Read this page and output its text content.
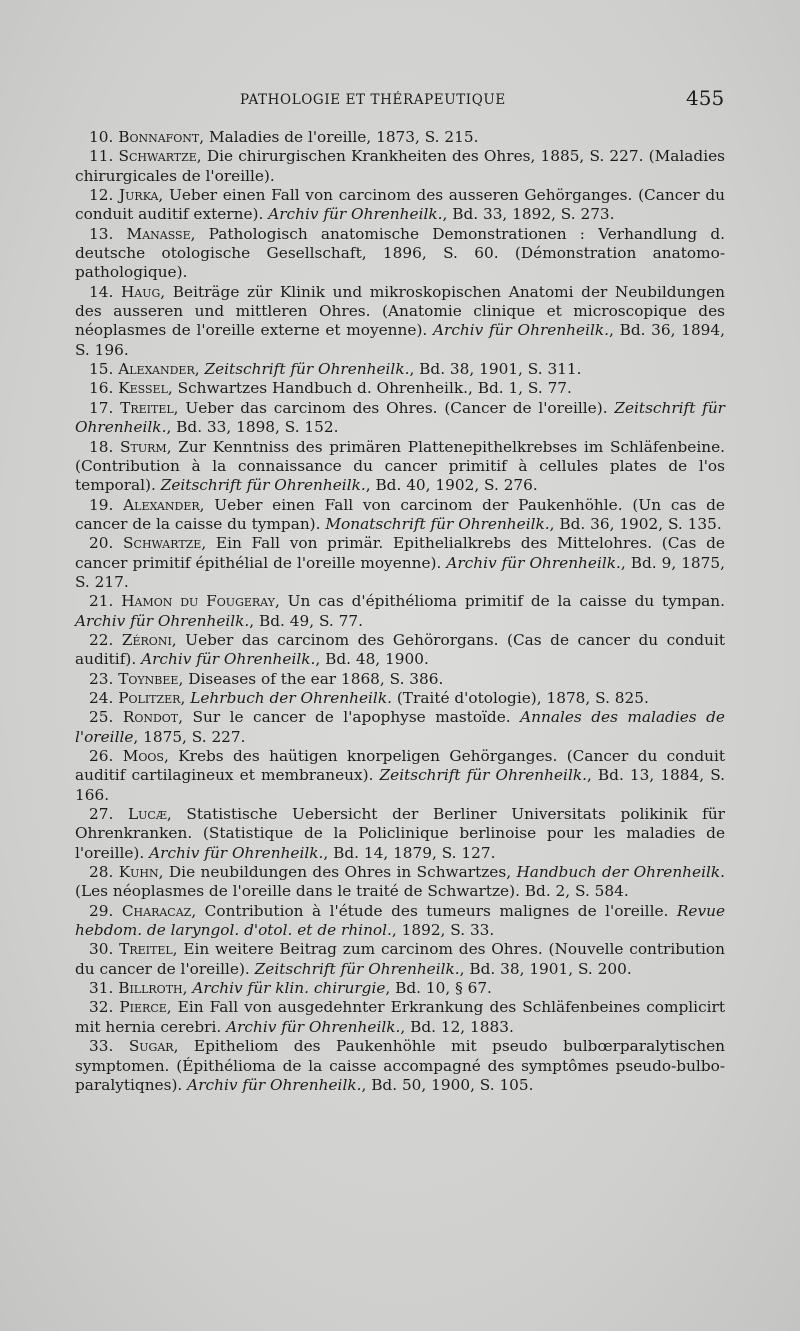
PATHOLOGIE ET THÉRAPEUTIQUE	455

10. Bonnafont, Maladies de l'oreille, 1873, S. 215.

11. Schwartze, Die chirurgischen Krankheiten des Ohres, 1885, S. 227. (Maladies chirurgicales de l'oreille).

12. Jurka, Ueber einen Fall von carcinom des ausseren Gehörganges. (Cancer du conduit auditif externe). Archiv für Ohrenheilk., Bd. 33, 1892, S. 273.

13. Manasse, Pathologisch anatomische Demonstrationen : Verhandlung d. deutsche otologische Gesellschaft, 1896, S. 60. (Démonstration anatomo-pathologique).

14. Haug, Beiträge zür Klinik und mikroskopischen Anatomi der Neubildungen des ausseren und mittleren Ohres. (Anatomie clinique et microscopique des néoplasmes de l'oreille externe et moyenne). Archiv für Ohrenheilk., Bd. 36, 1894, S. 196.

15. Alexander, Zeitschrift für Ohrenheilk., Bd. 38, 1901, S. 311.

16. Kessel, Schwartzes Handbuch d. Ohrenheilk., Bd. 1, S. 77.

17. Treitel, Ueber das carcinom des Ohres. (Cancer de l'oreille). Zeitschrift für Ohrenheilk., Bd. 33, 1898, S. 152.

18. Sturm, Zur Kenntniss des primären Plattenepithelkrebses im Schläfenbeine. (Contribution à la connaissance du cancer primitif à cellules plates de l'os temporal). Zeitschrift für Ohrenheilk., Bd. 40, 1902, S. 276.

19. Alexander, Ueber einen Fall von carcinom der Paukenhöhle. (Un cas de cancer de la caisse du tympan). Monatschrift für Ohrenheilk., Bd. 36, 1902, S. 135.

20. Schwartze, Ein Fall von primär. Epithelialkrebs des Mittelohres. (Cas de cancer primitif épithélial de l'oreille moyenne). Archiv für Ohrenheilk., Bd. 9, 1875, S. 217.

21. Hamon du Fougeray, Un cas d'épithélioma primitif de la caisse du tympan. Archiv für Ohrenheilk., Bd. 49, S. 77.

22. Zéroni, Ueber das carcinom des Gehörorgans. (Cas de cancer du conduit auditif). Archiv für Ohrenheilk., Bd. 48, 1900.

23. Toynbee, Diseases of the ear 1868, S. 386.

24. Politzer, Lehrbuch der Ohrenheilk. (Traité d'otologie), 1878, S. 825.

25. Rondot, Sur le cancer de l'apophyse mastoïde. Annales des maladies de l'oreille, 1875, S. 227.

26. Moos, Krebs des haütigen knorpeligen Gehörganges. (Cancer du conduit auditif cartilagineux et membraneux). Zeitschrift für Ohrenheilk., Bd. 13, 1884, S. 166.

27. Lucæ, Statistische Uebersicht der Berliner Universitats polikinik für Ohrenkranken. (Statistique de la Policlinique berlinoise pour les maladies de l'oreille). Archiv für Ohrenheilk., Bd. 14, 1879, S. 127.

28. Kuhn, Die neubildungen des Ohres in Schwartzes, Handbuch der Ohrenheilk. (Les néoplasmes de l'oreille dans le traité de Schwartze). Bd. 2, S. 584.

29. Characaz, Contribution à l'étude des tumeurs malignes de l'oreille. Revue hebdom. de laryngol. d'otol. et de rhinol., 1892, S. 33.

30. Treitel, Ein weitere Beitrag zum carcinom des Ohres. (Nouvelle contribution du cancer de l'oreille). Zeitschrift für Ohrenheilk., Bd. 38, 1901, S. 200.

31. Billroth, Archiv für klin. chirurgie, Bd. 10, § 67.

32. Pierce, Ein Fall von ausgedehnter Erkrankung des Schläfenbeines complicirt mit hernia cerebri. Archiv für Ohrenheilk., Bd. 12, 1883.

33. Sugar, Epitheliom des Paukenhöhle mit pseudo bulbœrparalytischen symptomen. (Épithélioma de la caisse accompagné des symptômes pseudo-bulbo-paralytiqnes). Archiv für Ohrenheilk., Bd. 50, 1900, S. 105.
